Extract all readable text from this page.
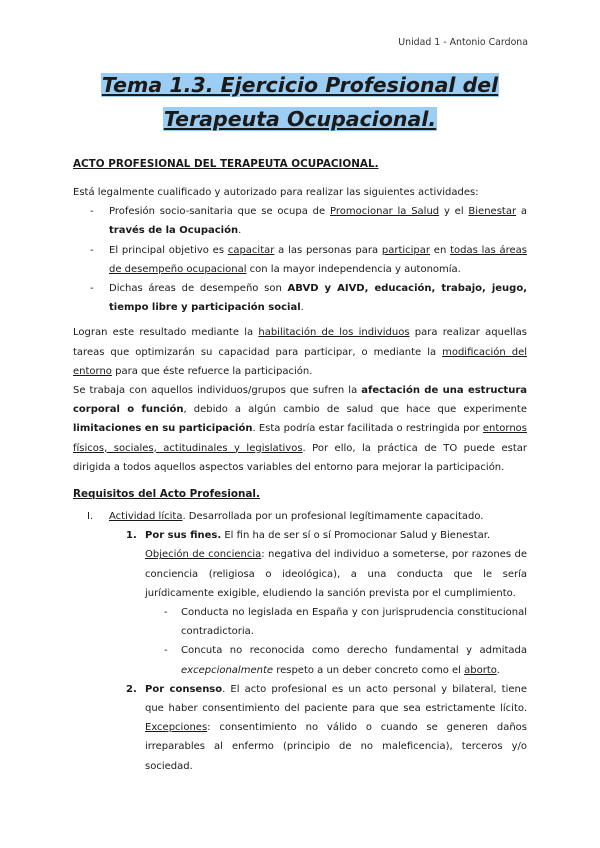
Unidad 1 - Antonio Cardona
Tema 1.3. Ejercicio Profesional del
Terapeuta Ocupacional.
ACTO PROFESIONAL DEL TERAPEUTA OCUPACIONAL.
Está legalmente cualificado y autorizado para realizar las siguientes actividades:
- Profesión socio-sanitaria que se ocupa de Promocionar la Salud y el Bienestar a través de la Ocupación.
- El principal objetivo es capacitar a las personas para participar en todas las áreas de desempeño ocupacional con la mayor independencia y autonomía.
- Dichas áreas de desempeño son ABVD y AIVD, educación, trabajo, jeugo, tiempo libre y participación social.
Logran este resultado mediante la habilitación de los individuos para realizar aquellas tareas que optimizarán su capacidad para participar, o mediante la modificación del entorno para que éste refuerce la participación.
Se trabaja con aquellos individuos/grupos que sufren la afectación de una estructura corporal o función, debido a algún cambio de salud que hace que experimente limitaciones en su participación. Esta podría estar facilitada o restringida por entornos físicos, sociales, actitudinales y legislativos. Por ello, la práctica de TO puede estar dirigida a todos aquellos aspectos variables del entorno para mejorar la participación.
Requisitos del Acto Profesional.
I. Actividad lícita. Desarrollada por un profesional legítimamente capacitado.
1. Por sus fines. El fin ha de ser sí o sí Promocionar Salud y Bienestar.
Objeción de conciencia: negativa del individuo a someterse, por razones de conciencia (religiosa o ideológica), a una conducta que le sería jurídicamente exigible, eludiendo la sanción prevista por el cumplimiento.
- Conducta no legislada en España y con jurisprudencia constitucional contradictoria.
- Concuta no reconocida como derecho fundamental y admitada excepcionalmente respeto a un deber concreto como el aborto.
2. Por consenso. El acto profesional es un acto personal y bilateral, tiene que haber consentimiento del paciente para que sea estrictamente lícito. Excepciones: consentimiento no válido o cuando se generen daños irreparables al enfermo (principio de no maleficencia), terceros y/o sociedad.
